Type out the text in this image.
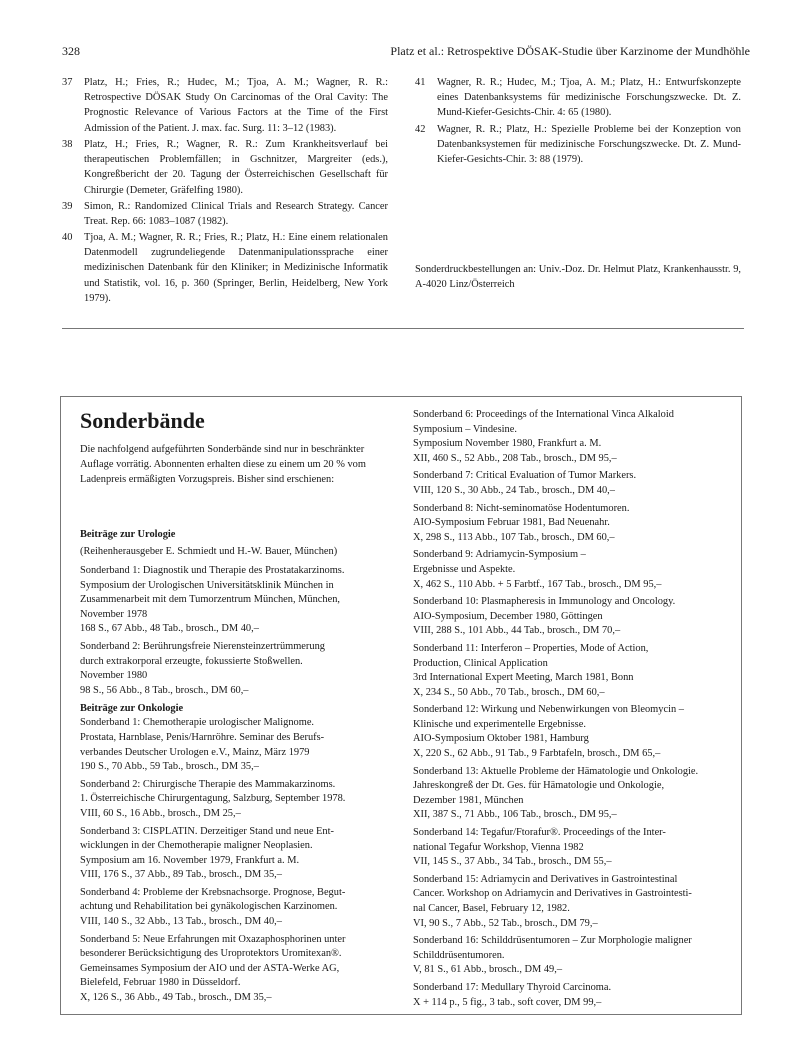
328	Platz et al.: Retrospektive DÖSAK-Studie über Karzinome der Mundhöhle
37 Platz, H.; Fries, R.; Hudec, M.; Tjoa, A. M.; Wagner, R. R.: Retrospective DÖSAK Study On Carcinomas of the Oral Cavity: The Prognostic Relevance of Various Factors at the Time of the First Admission of the Patient. J. max. fac. Surg. 11: 3–12 (1983).
38 Platz, H.; Fries, R.; Wagner, R. R.: Zum Krankheitsverlauf bei therapeutischen Problemfällen; in Gschnitzer, Margreiter (eds.), Kongreßbericht der 20. Tagung der Österreichischen Gesellschaft für Chirurgie (Demeter, Gräfelfing 1980).
39 Simon, R.: Randomized Clinical Trials and Research Strategy. Cancer Treat. Rep. 66: 1083–1087 (1982).
40 Tjoa, A. M.; Wagner, R. R.; Fries, R.; Platz, H.: Eine einem relationalen Datenmodell zugrundeliegende Datenmanipulationssprache einer medizinischen Datenbank für den Kliniker; in Medizinische Informatik und Statistik, vol. 16, p. 360 (Springer, Berlin, Heidelberg, New York 1979).
41 Wagner, R. R.; Hudec, M.; Tjoa, A. M.; Platz, H.: Entwurfskonzepte eines Datenbanksystems für medizinische Forschungszwecke. Dt. Z. Mund-Kiefer-Gesichts-Chir. 4: 65 (1980).
42 Wagner, R. R.; Platz, H.: Spezielle Probleme bei der Konzeption von Datenbanksystemen für medizinische Forschungszwecke. Dt. Z. Mund-Kiefer-Gesichts-Chir. 3: 88 (1979).
Sonderdruckbestellungen an: Univ.-Doz. Dr. Helmut Platz, Krankenhausstr. 9, A-4020 Linz/Österreich
Sonderbände

Die nachfolgend aufgeführten Sonderbände sind nur in beschränkter Auflage vorrätig. Abonnenten erhalten diese zu einem um 20 % vom Ladenpreis ermäßigten Vorzugspreis. Bisher sind erschienen:

Beiträge zur Urologie

(Reihenherausgeber E. Schmiedt und H.-W. Bauer, München)

Sonderband 1: Diagnostik und Therapie des Prostatakarzinoms.
Symposium der Urologischen Universitätsklinik München in
Zusammenarbeit mit dem Tumorzentrum München, München,
November 1978
168 S., 67 Abb., 48 Tab., brosch., DM 40,–
Sonderband 2: Berührungsfreie Nierensteinzertrümmerung
durch extrakorporal erzeugte, fokussierte Stoßwellen.
November 1980
98 S., 56 Abb., 8 Tab., brosch., DM 60,–

Beiträge zur Onkologie

Sonderband 1: Chemotherapie urologischer Malignome.
Prostata, Harnblase, Penis/Harnröhre. Seminar des Berufs-
verbandes Deutscher Urologen e.V., Mainz, März 1979
190 S., 70 Abb., 59 Tab., brosch., DM 35,–
Sonderband 2: Chirurgische Therapie des Mammakarzinoms.
1. Österreichische Chirurgentagung, Salzburg, September 1978.
VIII, 60 S., 16 Abb., brosch., DM 25,–
Sonderband 3: CISPLATIN. Derzeitiger Stand und neue Ent-
wicklungen in der Chemotherapie maligner Neoplasien.
Symposium am 16. November 1979, Frankfurt a. M.
VIII, 176 S., 37 Abb., 89 Tab., brosch., DM 35,–
Sonderband 4: Probleme der Krebsnachsorge. Prognose, Begut-
achtung und Rehabilitation bei gynäkologischen Karzinomen.
VIII, 140 S., 32 Abb., 13 Tab., brosch., DM 40,–
Sonderband 5: Neue Erfahrungen mit Oxazaphosphorinen unter
besonderer Berücksichtigung des Uroprotektors Uromitexan®.
Gemeinsames Symposium der AIO und der ASTA-Werke AG,
Bielefeld, Februar 1980 in Düsseldorf.
X, 126 S., 36 Abb., 49 Tab., brosch., DM 35,–
Sonderband 6: Proceedings of the International Vinca Alkaloid
Symposium – Vindesine.
Symposium November 1980, Frankfurt a. M.
XII, 460 S., 52 Abb., 208 Tab., brosch., DM 95,–
Sonderband 7: Critical Evaluation of Tumor Markers.
VIII, 120 S., 30 Abb., 24 Tab., brosch., DM 40,–
Sonderband 8: Nicht-seminomatöse Hodentumoren.
AIO-Symposium Februar 1981, Bad Neuenahr.
X, 298 S., 113 Abb., 107 Tab., brosch., DM 60,–
Sonderband 9: Adriamycin-Symposium –
Ergebnisse und Aspekte.
X, 462 S., 110 Abb. + 5 Farbtf., 167 Tab., brosch., DM 95,–
Sonderband 10: Plasmapheresis in Immunology and Oncology.
AIO-Symposium, December 1980, Göttingen
VIII, 288 S., 101 Abb., 44 Tab., brosch., DM 70,–
Sonderband 11: Interferon – Properties, Mode of Action,
Production, Clinical Application
3rd International Expert Meeting, March 1981, Bonn
X, 234 S., 50 Abb., 70 Tab., brosch., DM 60,–
Sonderband 12: Wirkung und Nebenwirkungen von Bleomycin –
Klinische und experimentelle Ergebnisse.
AIO-Symposium Oktober 1981, Hamburg
X, 220 S., 62 Abb., 91 Tab., 9 Farbtafeln, brosch., DM 65,–
Sonderband 13: Aktuelle Probleme der Hämatologie und Onkologie.
Jahreskongreß der Dt. Ges. für Hämatologie und Onkologie,
Dezember 1981, München
XII, 387 S., 71 Abb., 106 Tab., brosch., DM 95,–
Sonderband 14: Tegafur/Ftorafur®. Proceedings of the Inter-
national Tegafur Workshop, Vienna 1982
VII, 145 S., 37 Abb., 34 Tab., brosch., DM 55,–
Sonderband 15: Adriamycin and Derivatives in Gastrointestinal
Cancer. Workshop on Adriamycin and Derivatives in Gastrointesti-
nal Cancer, Basel, February 12, 1982.
VI, 90 S., 7 Abb., 52 Tab., brosch., DM 79,–
Sonderband 16: Schilddrüsentumoren – Zur Morphologie maligner
Schilddrüsentumoren.
V, 81 S., 61 Abb., brosch., DM 49,–
Sonderband 17: Medullary Thyroid Carcinoma.
X + 114 p., 5 fig., 3 tab., soft cover, DM 99,–
